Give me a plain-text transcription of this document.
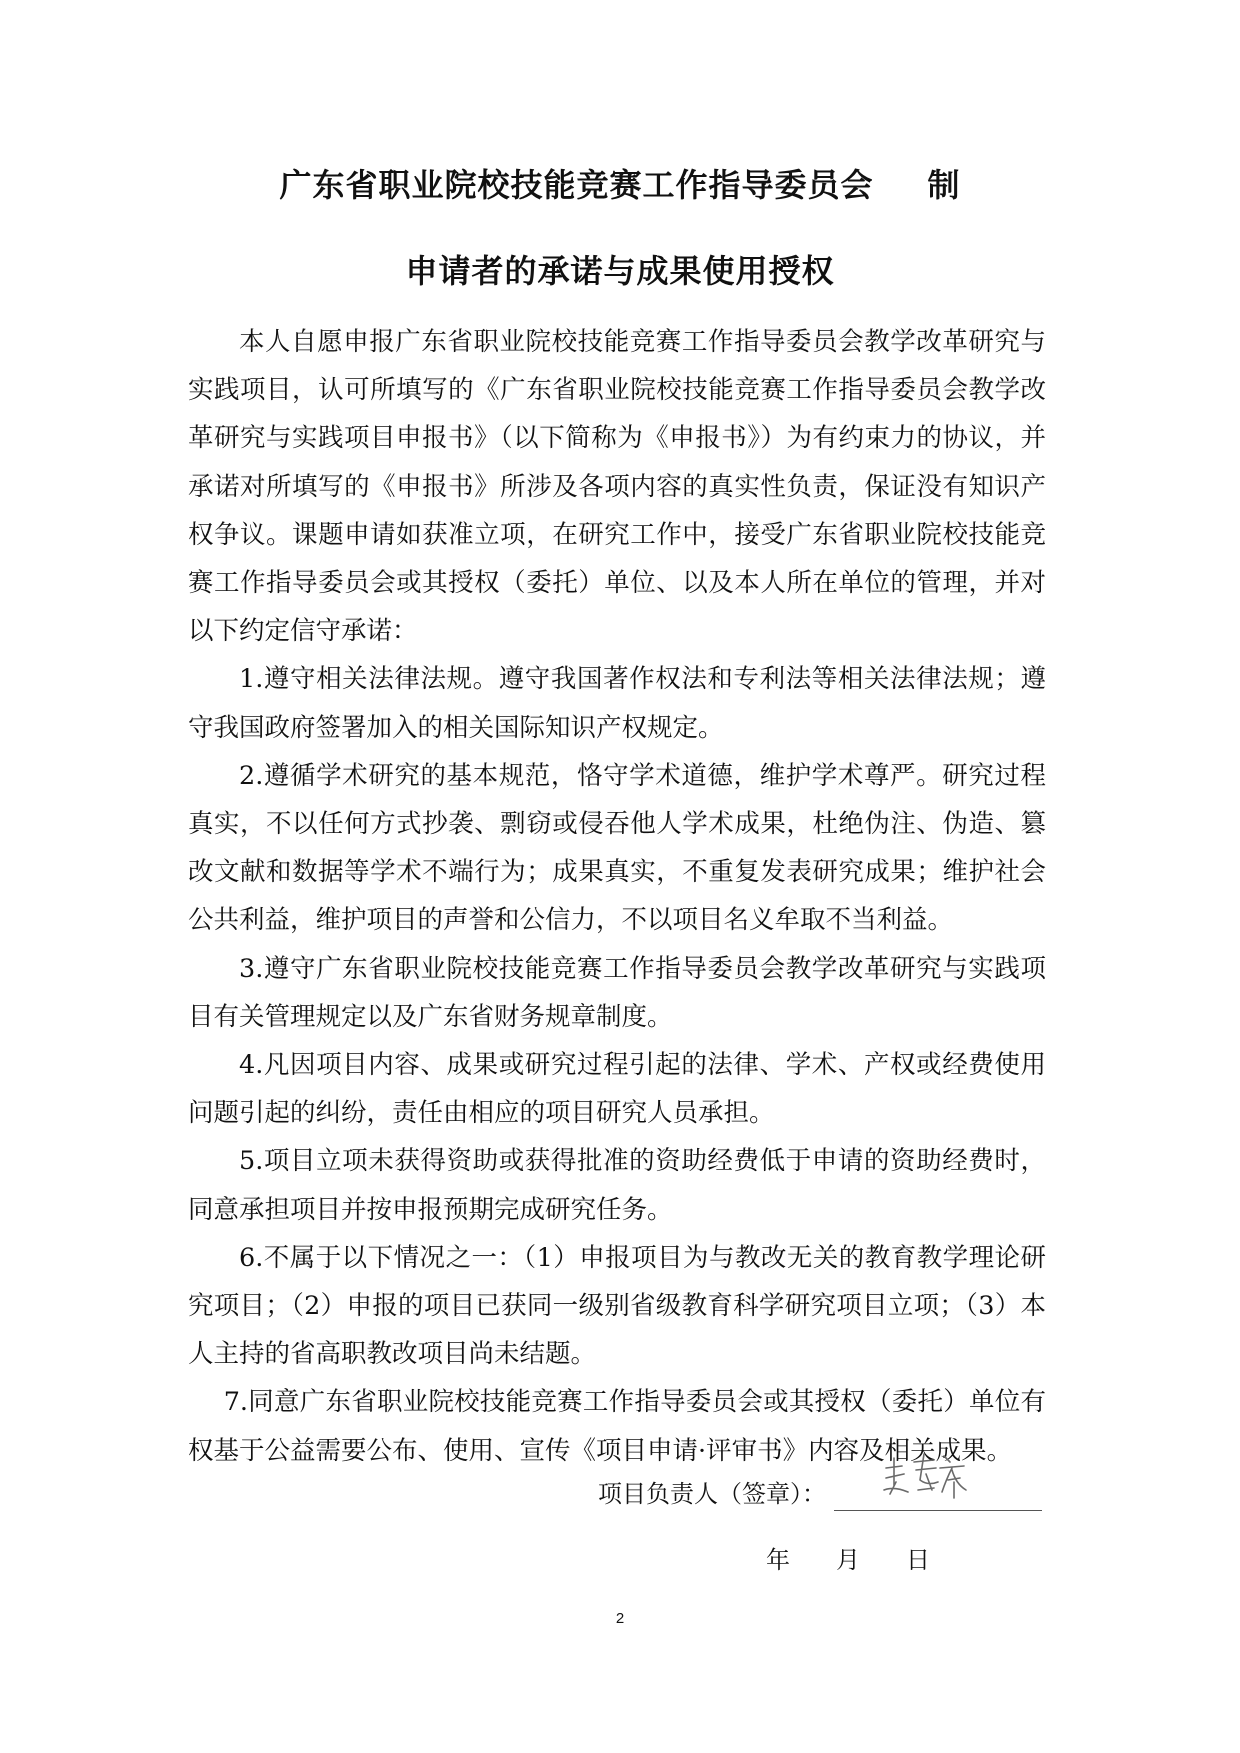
广东省职业院校技能竞赛工作指导委员会 制
申请者的承诺与成果使用授权

本人自愿申报广东省职业院校技能竞赛工作指导委员会教学改革研究与实践项目，认可所填写的《广东省职业院校技能竞赛工作指导委员会教学改革研究与实践项目申报书》（以下简称为《申报书》）为有约束力的协议，并承诺对所填写的《申报书》所涉及各项内容的真实性负责，保证没有知识产权争议。课题申请如获准立项，在研究工作中，接受广东省职业院校技能竞赛工作指导委员会或其授权（委托）单位、以及本人所在单位的管理，并对以下约定信守承诺：

1.遵守相关法律法规。遵守我国著作权法和专利法等相关法律法规；遵守我国政府签署加入的相关国际知识产权规定。

2.遵循学术研究的基本规范，恪守学术道德，维护学术尊严。研究过程真实，不以任何方式抄袭、剽窃或侵吞他人学术成果，杜绝伪注、伪造、篡改文献和数据等学术不端行为；成果真实，不重复发表研究成果；维护社会公共利益，维护项目的声誉和公信力，不以项目名义牟取不当利益。

3.遵守广东省职业院校技能竞赛工作指导委员会教学改革研究与实践项目有关管理规定以及广东省财务规章制度。

4.凡因项目内容、成果或研究过程引起的法律、学术、产权或经费使用问题引起的纠纷，责任由相应的项目研究人员承担。

5.项目立项未获得资助或获得批准的资助经费低于申请的资助经费时，同意承担项目并按申报预期完成研究任务。

6.不属于以下情况之一：（1）申报项目为与教改无关的教育教学理论研究项目；（2）申报的项目已获同一级别省级教育科学研究项目立项；（3）本人主持的省高职教改项目尚未结题。

7.同意广东省职业院校技能竞赛工作指导委员会或其授权（委托）单位有权基于公益需要公布、使用、宣传《项目申请·评审书》内容及相关成果。

项目负责人（签章）：
年 月 日
2
